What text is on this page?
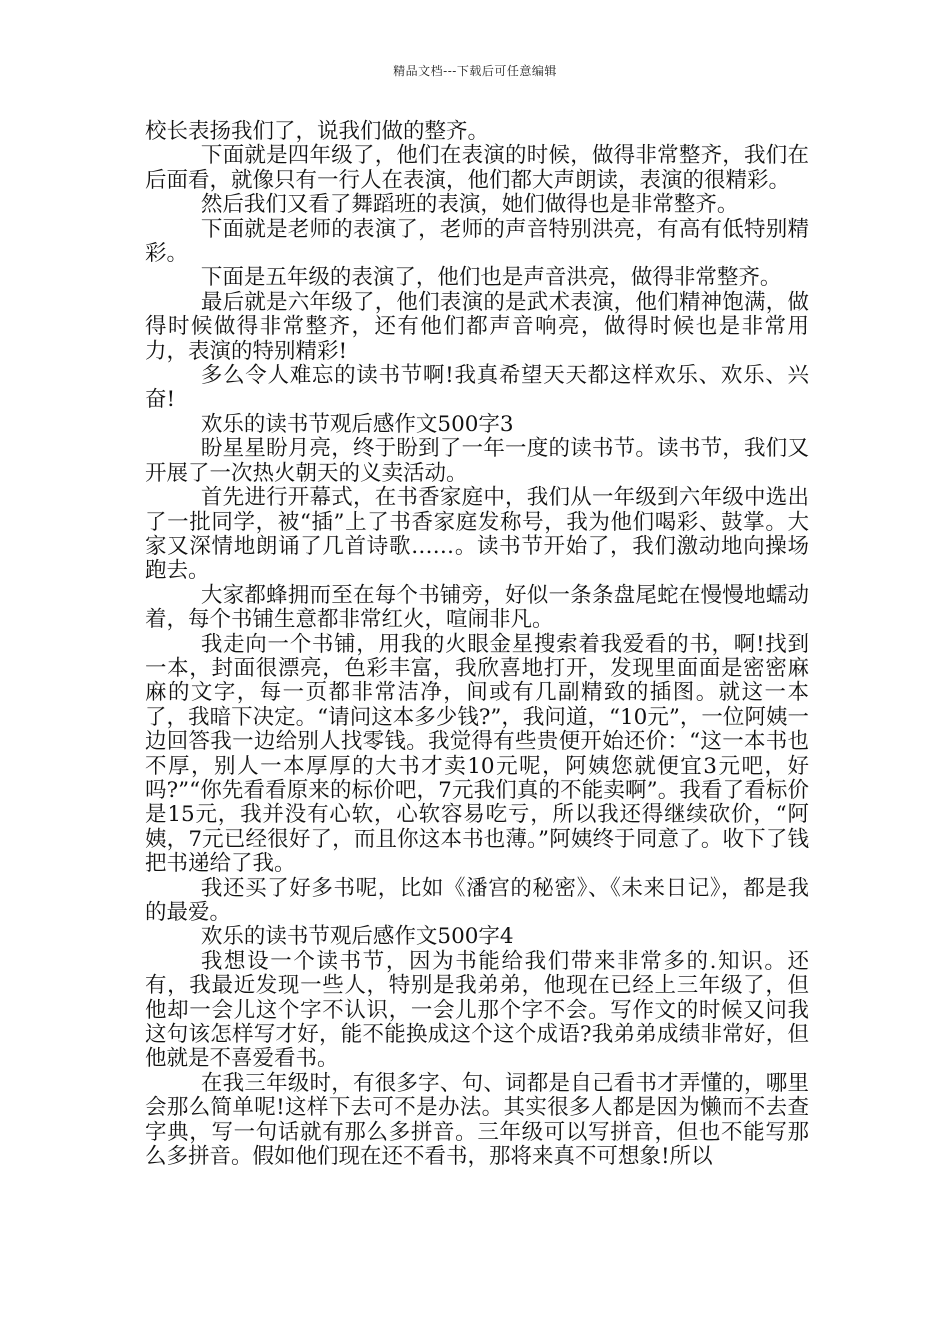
精品文档---下载后可任意编辑

校长表扬我们了，说我们做的整齐。

下面就是四年级了，他们在表演的时候，做得非常整齐，我们在后面看，就像只有一行人在表演，他们都大声朗读，表演的很精彩。

然后我们又看了舞蹈班的表演，她们做得也是非常整齐。

下面就是老师的表演了，老师的声音特别洪亮，有高有低特别精彩。

下面是五年级的表演了，他们也是声音洪亮，做得非常整齐。

最后就是六年级了，他们表演的是武术表演，他们精神饱满，做得时候做得非常整齐，还有他们都声音响亮，做得时候也是非常用力，表演的特别精彩!

多么令人难忘的读书节啊!我真希望天天都这样欢乐、欢乐、兴奋!

欢乐的读书节观后感作文500字3

盼星星盼月亮，终于盼到了一年一度的读书节。读书节，我们又开展了一次热火朝天的义卖活动。

首先进行开幕式，在书香家庭中，我们从一年级到六年级中选出了一批同学，被“插”上了书香家庭发称号，我为他们喝彩、鼓掌。大家又深情地朗诵了几首诗歌……。读书节开始了，我们激动地向操场跑去。

大家都蜂拥而至在每个书铺旁，好似一条条盘尾蛇在慢慢地蠕动着，每个书铺生意都非常红火，喧闹非凡。

我走向一个书铺，用我的火眼金星搜索着我爱看的书，啊!找到一本，封面很漂亮，色彩丰富，我欣喜地打开，发现里面面是密密麻麻的文字，每一页都非常洁净，间或有几副精致的插图。就这一本了，我暗下决定。“请问这本多少钱?”，我问道，“10元”，一位阿姨一边回答我一边给别人找零钱。我觉得有些贵便开始还价：“这一本书也不厚，别人一本厚厚的大书才卖10元呢，阿姨您就便宜3元吧，好吗?”“你先看看原来的标价吧，7元我们真的不能卖啊”。我看了看标价是15元，我并没有心软，心软容易吃亏，所以我还得继续砍价，“阿姨，7元已经很好了，而且你这本书也薄。”阿姨终于同意了。收下了钱把书递给了我。

我还买了好多书呢，比如《潘宫的秘密》、《未来日记》，都是我的最爱。

欢乐的读书节观后感作文500字4

我想设一个读书节，因为书能给我们带来非常多的.知识。还有，我最近发现一些人，特别是我弟弟，他现在已经上三年级了，但他却一会儿这个字不认识，一会儿那个字不会。写作文的时候又问我这句该怎样写才好，能不能换成这个这个成语?我弟弟成绩非常好，但他就是不喜爱看书。

在我三年级时，有很多字、句、词都是自己看书才弄懂的，哪里会那么简单呢!这样下去可不是办法。其实很多人都是因为懒而不去查字典，写一句话就有那么多拼音。三年级可以写拼音，但也不能写那么多拼音。假如他们现在还不看书，那将来真不可想象!所以
